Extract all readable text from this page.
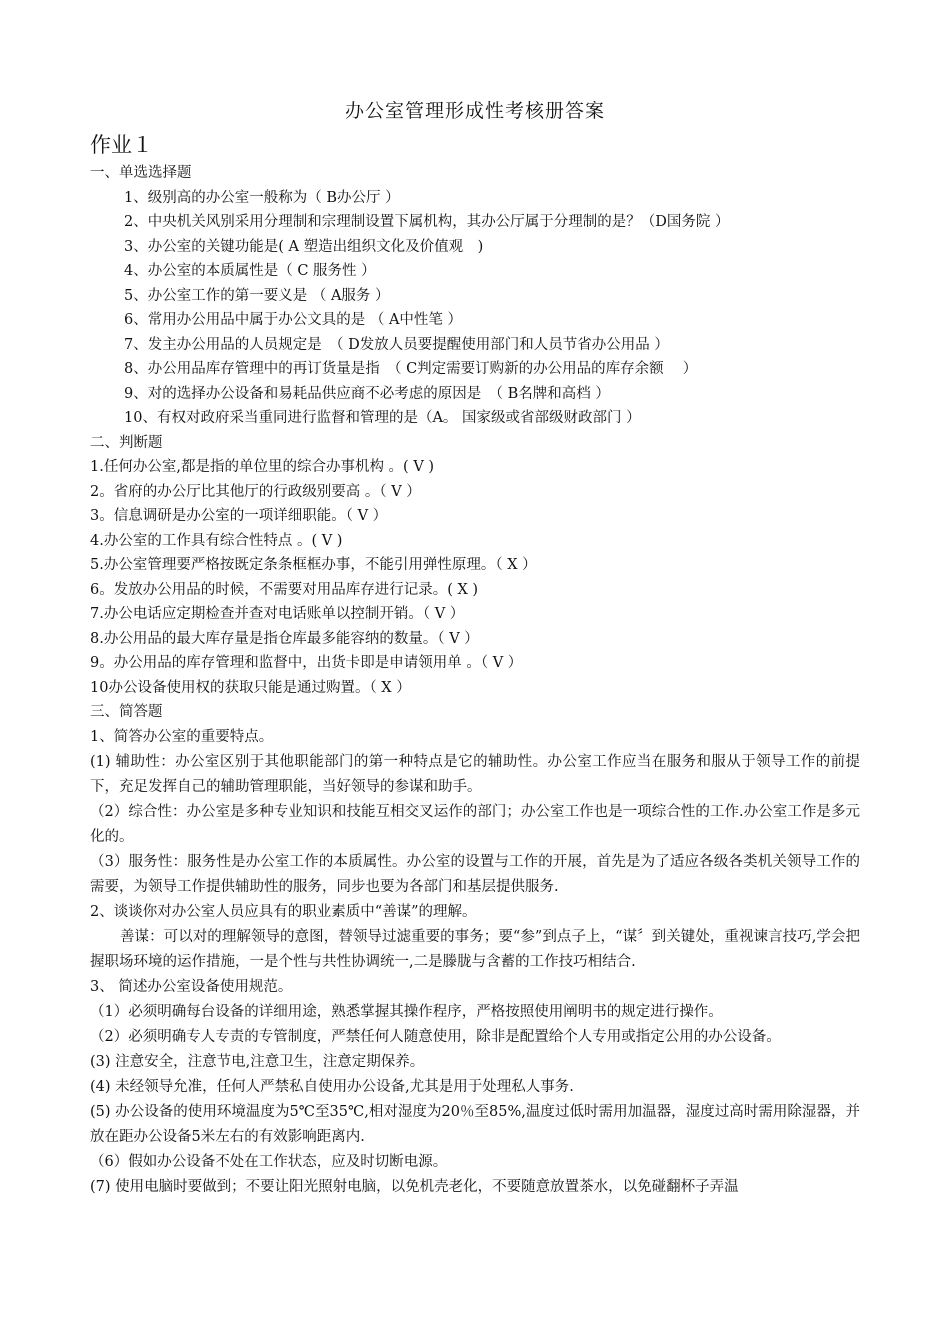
办公室管理形成性考核册答案
作业１
一、单选选择题
1、级别高的办公室一般称为（ B办公厅 ）
2、中央机关风别采用分理制和宗理制设置下属机构，其办公厅属于分理制的是？（D国务院 ）
3、办公室的关键功能是( A 塑造出组织文化及价值观　)
4、办公室的本质属性是（ C 服务性 ）
5、办公室工作的第一要义是 （ A服务 ）
6、常用办公用品中属于办公文具的是 （ A中性笔 ）
7、发主办公用品的人员规定是　（ D发放人员要提醒使用部门和人员节省办公用品 ）
8、办公用品库存管理中的再订货量是指　（ C判定需要订购新的办公用品的库存余额　 ）
9、对的选择办公设备和易耗品供应商不必考虑的原因是　（ B名牌和高档 ）
10、有权对政府采当重同进行监督和管理的是（A。 国家级或省部级财政部门 ）
二、判断题
1.任何办公室,都是指的单位里的综合办事机构 。( V )
2。省府的办公厅比其他厅的行政级别要高 。（ V ）
3。信息调研是办公室的一项详细职能。（ V ）
4.办公室的工作具有综合性特点 。( V )
5.办公室管理要严格按既定条条框框办事，不能引用弹性原理。（ X ）
6。发放办公用品的时候，不需要对用品库存进行记录。( X )
7.办公电话应定期检查并查对电话账单以控制开销。（ V ）
8.办公用品的最大库存量是指仓库最多能容纳的数量。（ V ）
9。办公用品的库存管理和监督中，出货卡即是申请领用单 。（ V ）
10办公设备使用权的获取只能是通过购置。（ X ）
三、简答题
1、简答办公室的重要特点。
(1) 辅助性：办公室区别于其他职能部门的第一种特点是它的辅助性。办公室工作应当在服务和服从于领导工作的前提下，充足发挥自己的辅助管理职能，当好领导的参谋和助手。
（2）综合性：办公室是多种专业知识和技能互相交叉运作的部门；办公室工作也是一项综合性的工作.办公室工作是多元化的。
（3）服务性：服务性是办公室工作的本质属性。办公室的设置与工作的开展，首先是为了适应各级各类机关领导工作的需要，为领导工作提供辅助性的服务，同步也要为各部门和基层提供服务.
2、谈谈你对办公室人员应具有的职业素质中“善谋”的理解。
善谋：可以对的理解领导的意图，替领导过滤重要的事务；要“参”到点子上，“谋〞到关键处，重视谏言技巧,学会把握职场环境的运作措施，一是个性与共性协调统一,二是滕胧与含蓄的工作技巧相结合.
3、 简述办公室设备使用规范。
（1）必须明确每台设备的详细用途，熟悉掌握其操作程序，严格按照使用阐明书的规定进行操作。
（2）必须明确专人专责的专管制度，严禁任何人随意使用，除非是配置给个人专用或指定公用的办公设备。
(3) 注意安全，注意节电,注意卫生，注意定期保养。
(4) 未经领导允准，任何人严禁私自使用办公设备,尤其是用于处理私人事务.
(5) 办公设备的使用环境温度为5℃至35℃,相对湿度为20％至85%,温度过低时需用加温器，湿度过高时需用除湿器，并放在距办公设备5米左右的有效影响距离内.
（6）假如办公设备不处在工作状态，应及时切断电源。
(7) 使用电脑时要做到；不要让阳光照射电脑，以免机壳老化，不要随意放置茶水，以免碰翻杯子弄温
